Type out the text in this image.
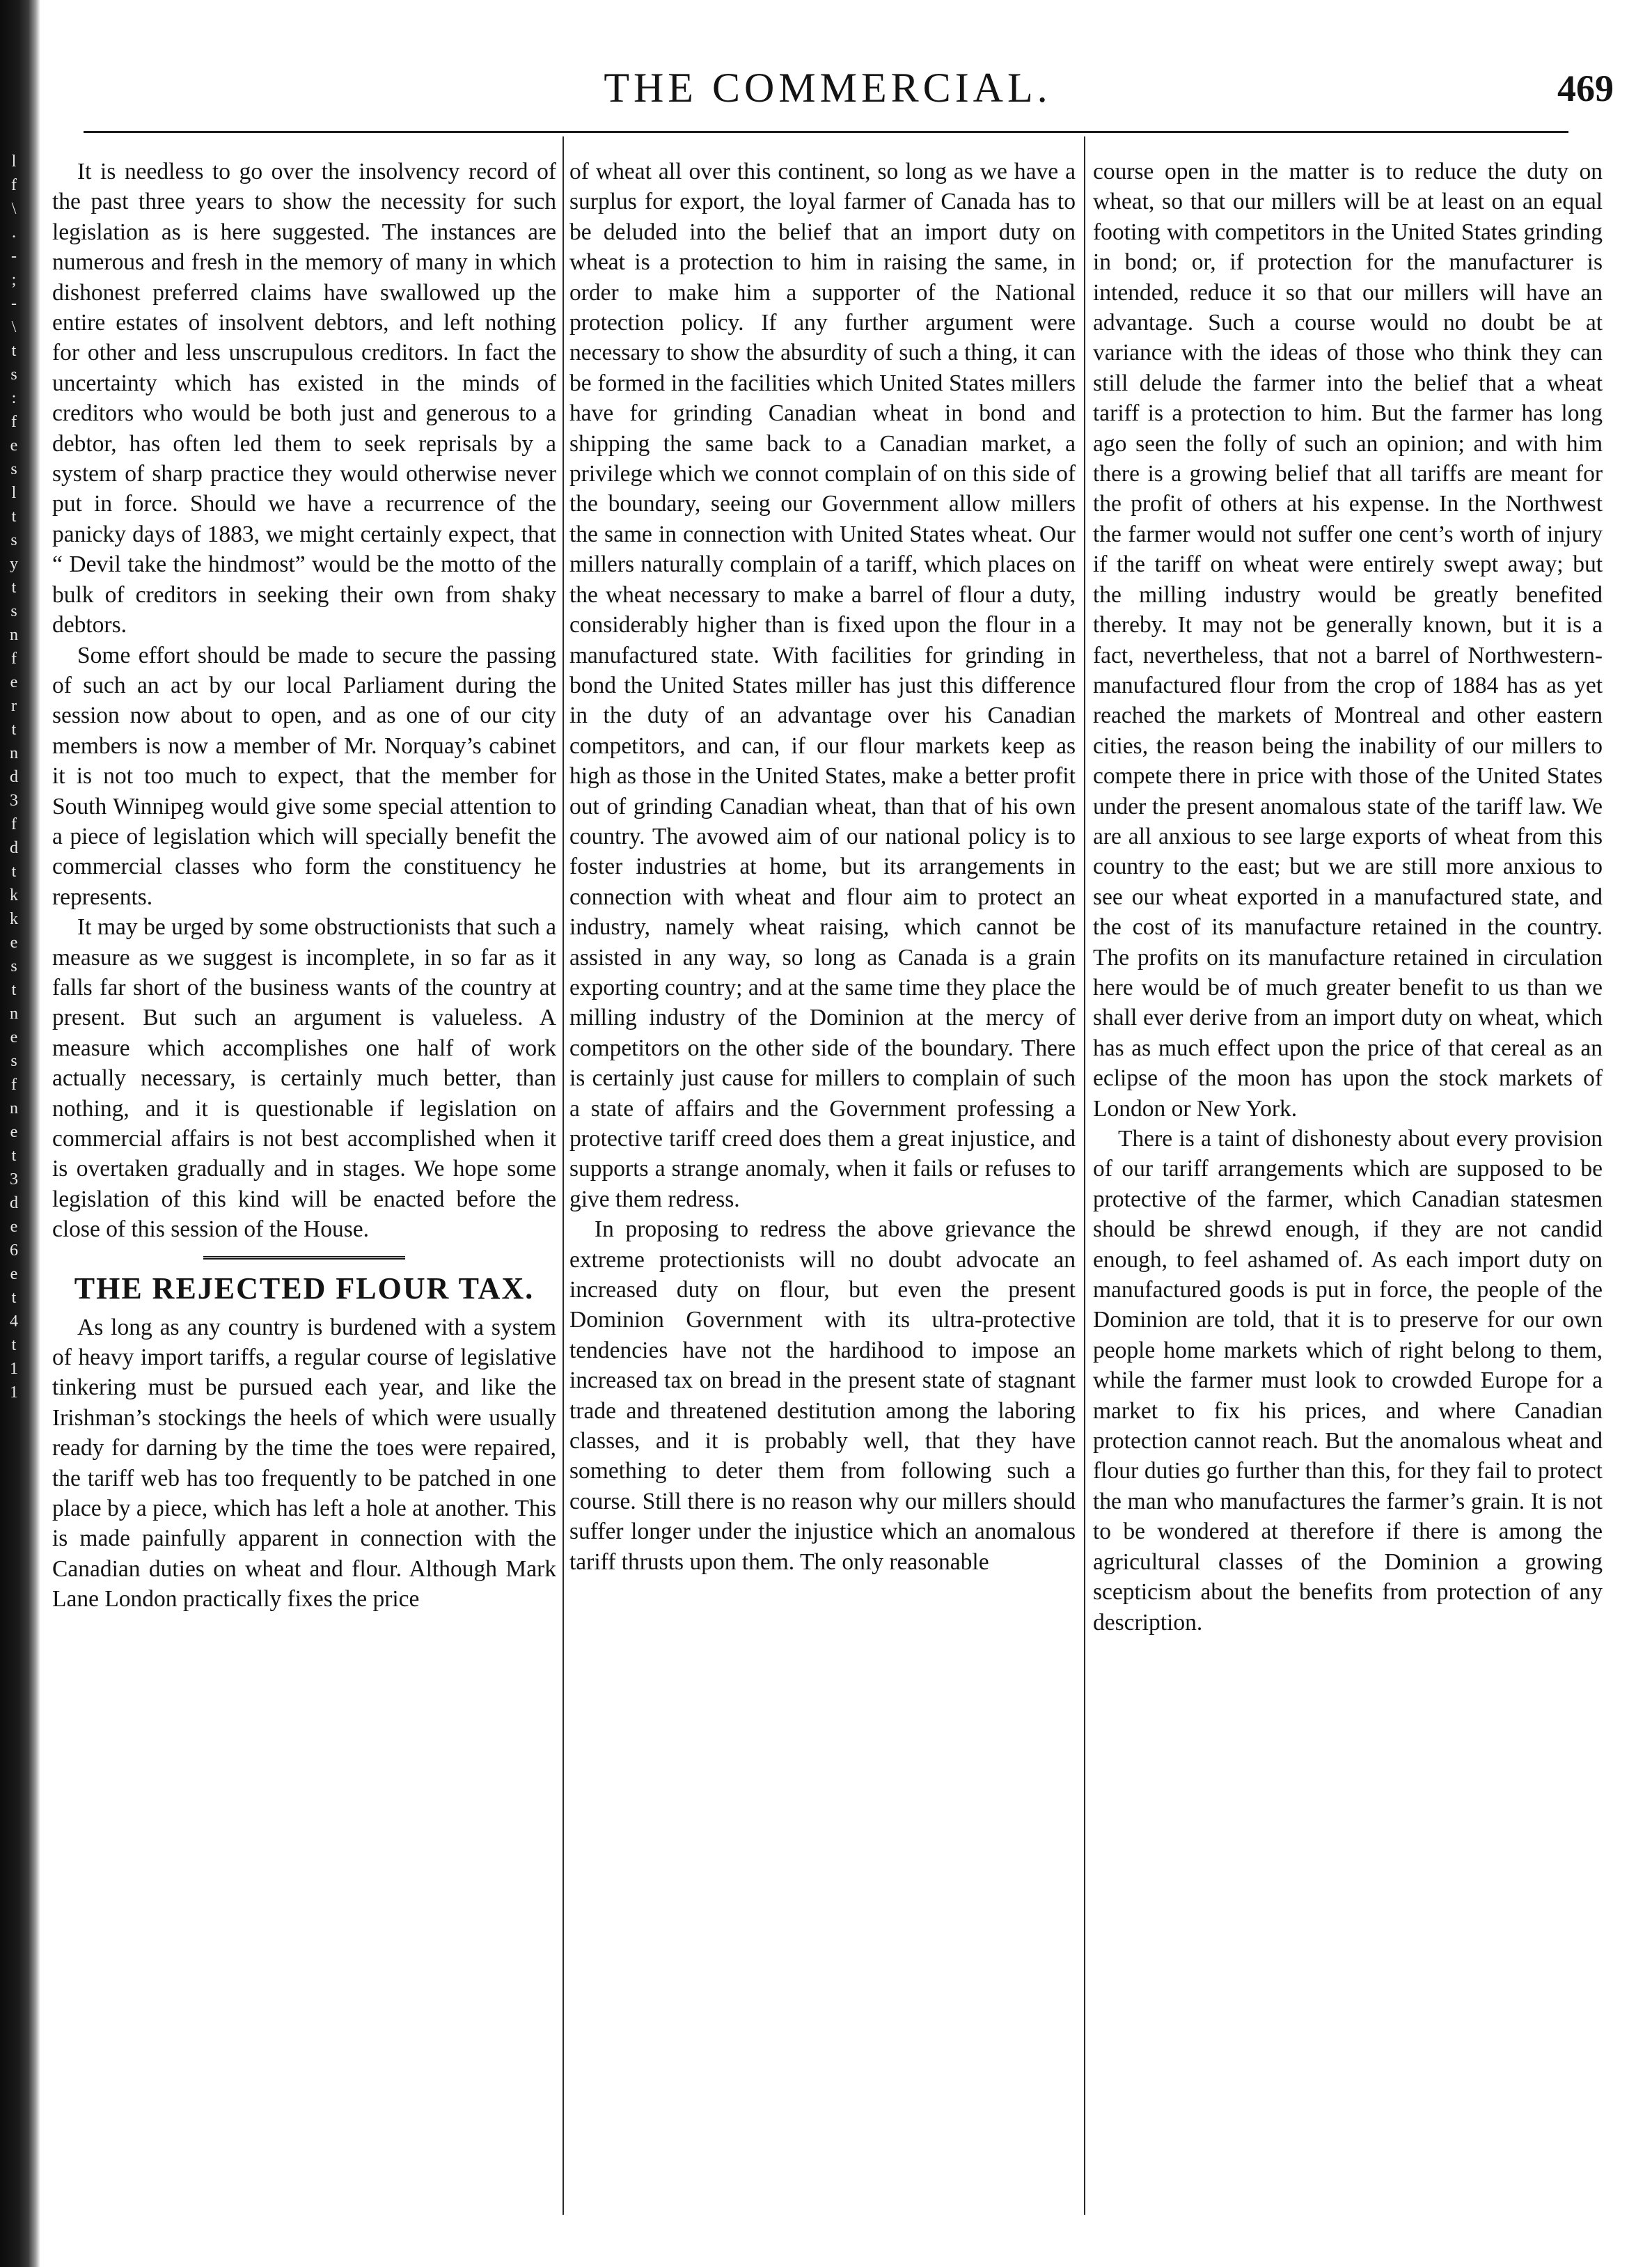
l
f
\
.
-
;
-
\
t
s
:
f
e
s
l
t
s
y
t
s
n
f
e
r
t
n
d
3
f
d
t
k
k
e
s
t
n
e
s
f
n
e
t
3
d
e
6
e
t
4
t
1
1
THE COMMERCIAL.	469

It is needless to go over the insolvency record of the past three years to show the necessity for such legislation as is here suggested. The instances are numerous and fresh in the memory of many in which dishonest preferred claims have swallowed up the entire estates of insolvent debtors, and left nothing for other and less unscrupulous creditors. In fact the uncertainty which has existed in the minds of creditors who would be both just and generous to a debtor, has often led them to seek reprisals by a system of sharp practice they would otherwise never put in force. Should we have a recurrence of the panicky days of 1883, we might certainly expect, that “ Devil take the hindmost” would be the motto of the bulk of creditors in seeking their own from shaky debtors.

Some effort should be made to secure the passing of such an act by our local Parliament during the session now about to open, and as one of our city members is now a member of Mr. Norquay’s cabinet it is not too much to expect, that the member for South Winnipeg would give some special attention to a piece of legislation which will specially benefit the commercial classes who form the constituency he represents.

It may be urged by some obstructionists that such a measure as we suggest is incomplete, in so far as it falls far short of the business wants of the country at present. But such an argument is valueless. A measure which accomplishes one half of work actually necessary, is certainly much better, than nothing, and it is questionable if legislation on commercial affairs is not best accomplished when it is overtaken gradually and in stages. We hope some legislation of this kind will be enacted before the close of this session of the House.

THE REJECTED FLOUR TAX.

As long as any country is burdened with a system of heavy import tariffs, a regular course of legislative tinkering must be pursued each year, and like the Irishman’s stockings the heels of which were usually ready for darning by the time the toes were repaired, the tariff web has too frequently to be patched in one place by a piece, which has left a hole at another. This is made painfully apparent in connection with the Canadian duties on wheat and flour. Although Mark Lane London practically fixes the price

of wheat all over this continent, so long as we have a surplus for export, the loyal farmer of Canada has to be deluded into the belief that an import duty on wheat is a protection to him in raising the same, in order to make him a supporter of the National protection policy. If any further argument were necessary to show the absurdity of such a thing, it can be formed in the facilities which United States millers have for grinding Canadian wheat in bond and shipping the same back to a Canadian market, a privilege which we connot complain of on this side of the boundary, seeing our Government allow millers the same in connection with United States wheat. Our millers naturally complain of a tariff, which places on the wheat necessary to make a barrel of flour a duty, considerably higher than is fixed upon the flour in a manufactured state. With facilities for grinding in bond the United States miller has just this difference in the duty of an advantage over his Canadian competitors, and can, if our flour markets keep as high as those in the United States, make a better profit out of grinding Canadian wheat, than that of his own country. The avowed aim of our national policy is to foster industries at home, but its arrangements in connection with wheat and flour aim to protect an industry, namely wheat raising, which cannot be assisted in any way, so long as Canada is a grain exporting country; and at the same time they place the milling industry of the Dominion at the mercy of competitors on the other side of the boundary. There is certainly just cause for millers to complain of such a state of affairs and the Government professing a protective tariff creed does them a great injustice, and supports a strange anomaly, when it fails or refuses to give them redress.

In proposing to redress the above grievance the extreme protectionists will no doubt advocate an increased duty on flour, but even the present Dominion Government with its ultra-protective tendencies have not the hardihood to impose an increased tax on bread in the present state of stagnant trade and threatened destitution among the laboring classes, and it is probably well, that they have something to deter them from following such a course. Still there is no reason why our millers should suffer longer under the injustice which an anomalous tariff thrusts upon them. The only reasonable

course open in the matter is to reduce the duty on wheat, so that our millers will be at least on an equal footing with competitors in the United States grinding in bond; or, if protection for the manufacturer is intended, reduce it so that our millers will have an advantage. Such a course would no doubt be at variance with the ideas of those who think they can still delude the farmer into the belief that a wheat tariff is a protection to him. But the farmer has long ago seen the folly of such an opinion; and with him there is a growing belief that all tariffs are meant for the profit of others at his expense. In the Northwest the farmer would not suffer one cent’s worth of injury if the tariff on wheat were entirely swept away; but the milling industry would be greatly benefited thereby. It may not be generally known, but it is a fact, nevertheless, that not a barrel of Northwestern-manufactured flour from the crop of 1884 has as yet reached the markets of Montreal and other eastern cities, the reason being the inability of our millers to compete there in price with those of the United States under the present anomalous state of the tariff law. We are all anxious to see large exports of wheat from this country to the east; but we are still more anxious to see our wheat exported in a manufactured state, and the cost of its manufacture retained in the country. The profits on its manufacture retained in circulation here would be of much greater benefit to us than we shall ever derive from an import duty on wheat, which has as much effect upon the price of that cereal as an eclipse of the moon has upon the stock markets of London or New York.

There is a taint of dishonesty about every provision of our tariff arrangements which are supposed to be protective of the farmer, which Canadian statesmen should be shrewd enough, if they are not candid enough, to feel ashamed of. As each import duty on manufactured goods is put in force, the people of the Dominion are told, that it is to preserve for our own people home markets which of right belong to them, while the farmer must look to crowded Europe for a market to fix his prices, and where Canadian protection cannot reach. But the anomalous wheat and flour duties go further than this, for they fail to protect the man who manufactures the farmer’s grain. It is not to be wondered at therefore if there is among the agricultural classes of the Dominion a growing scepticism about the benefits from protection of any description.
